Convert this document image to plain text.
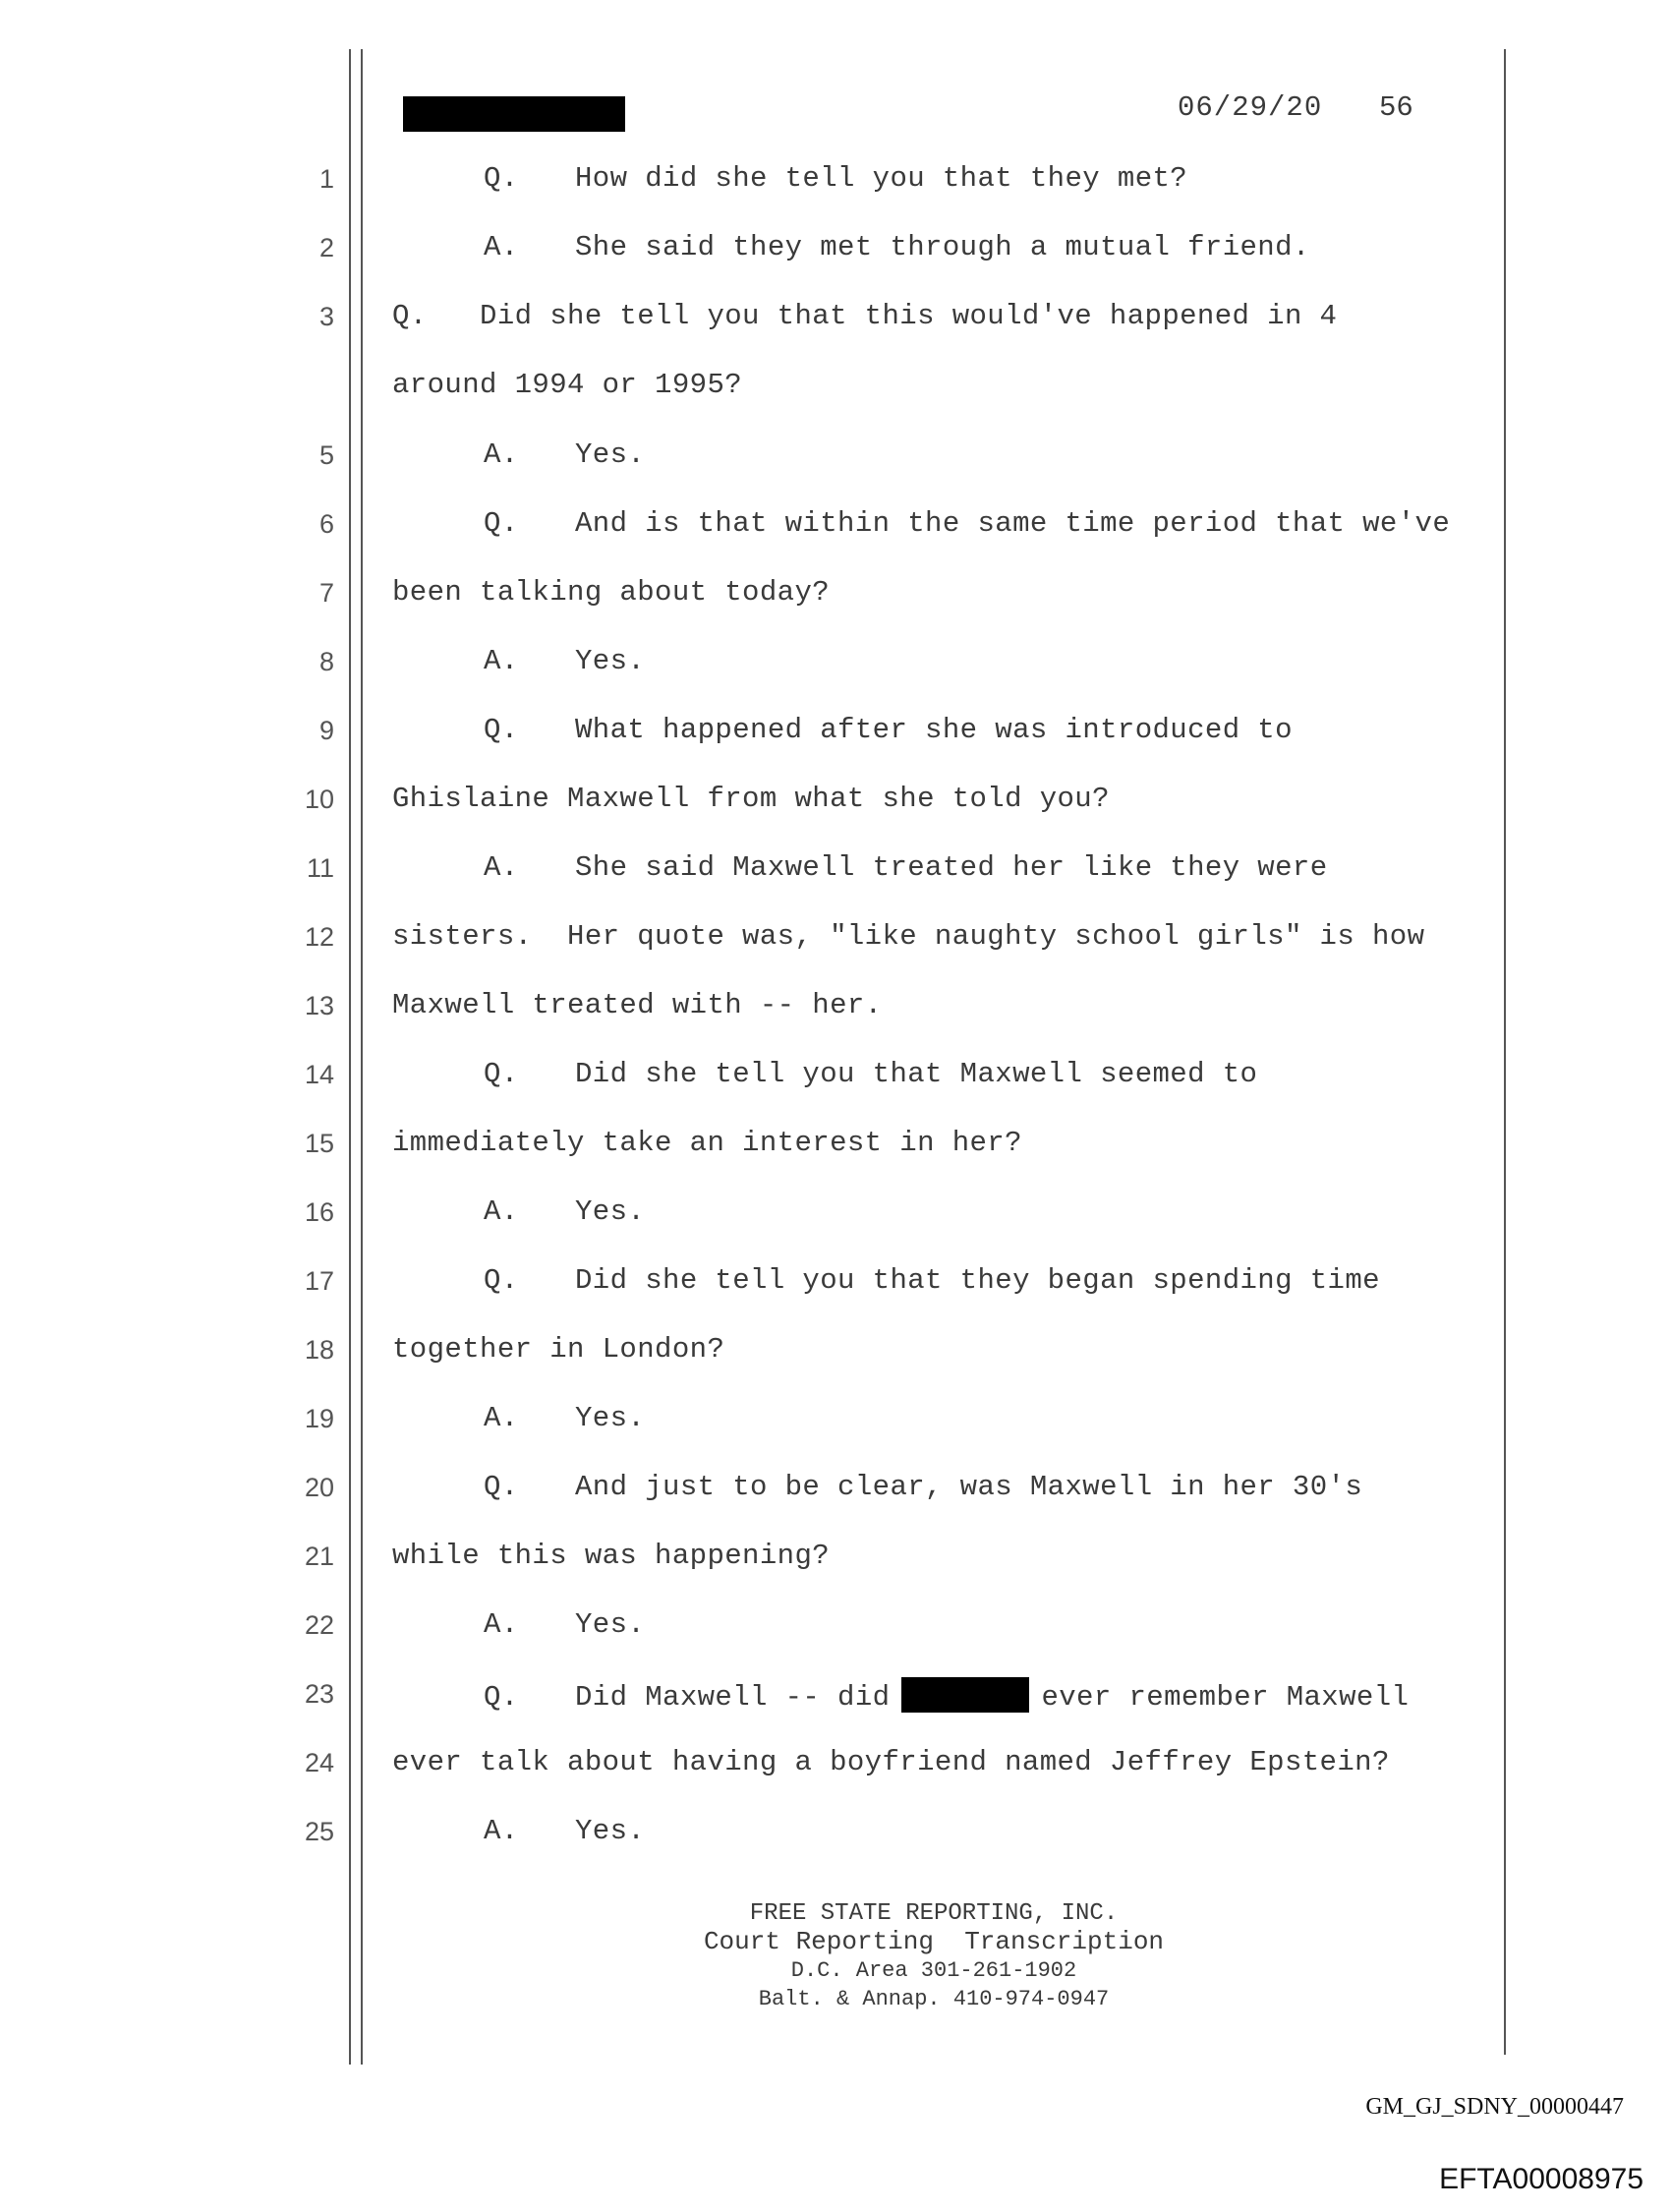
06/29/20 56
1	Q. How did she tell you that they met?
2	A. She said they met through a mutual friend.
3 Q.   Did she tell you that this would've happened in 4
around 1994 or 1995?
5	A. Yes.
6	Q. And is that within the same time period that we've
7 been talking about today?
8	A. Yes.
9	Q. What happened after she was introduced to
10 Ghislaine Maxwell from what she told you?
11	A. She said Maxwell treated her like they were
12 sisters.  Her quote was, "like naughty school girls" is how
13 Maxwell treated with -- her.
14	Q. Did she tell you that Maxwell seemed to
15 immediately take an interest in her?
16	A. Yes.
17	Q. Did she tell you that they began spending time
18 together in London?
19	A. Yes.
20	Q. And just to be clear, was Maxwell in her 30's
21 while this was happening?
22	A. Yes.
23	Q. Did Maxwell -- did	ever remember Maxwell
24 ever talk about having a boyfriend named Jeffrey Epstein?
25	A. Yes.
FREE STATE REPORTING, INC.
Court Reporting  Transcription
D.C. Area 301-261-1902
Balt. & Annap. 410-974-0947
GM_GJ_SDNY_00000447
EFTA00008975
